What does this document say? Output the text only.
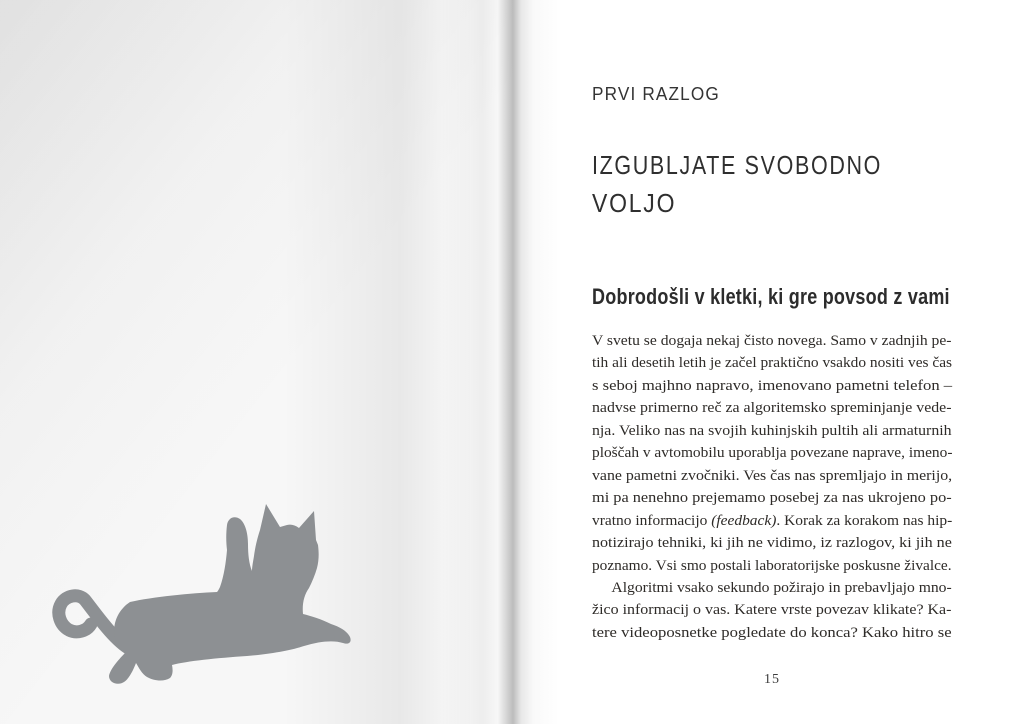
PRVI RAZLOG
IZGUBLJATE SVOBODNO
VOLJO
Dobrodošli v kletki, ki gre povsod z vami
V svetu se dogaja nekaj čisto novega. Samo v zadnjih pe-
tih ali desetih letih je začel praktično vsakdo nositi ves čas
s seboj majhno napravo, imenovano pametni telefon –
nadvse primerno reč za algoritemsko spreminjanje vede-
nja. Veliko nas na svojih kuhinjskih pultih ali armaturnih
ploščah v avtomobilu uporablja povezane naprave, imeno-
vane pametni zvočniki. Ves čas nas spremljajo in merijo,
mi pa nenehno prejemamo posebej za nas ukrojeno po-
vratno informacijo (feedback). Korak za korakom nas hip-
notizirajo tehniki, ki jih ne vidimo, iz razlogov, ki jih ne
poznamo. Vsi smo postali laboratorijske poskusne živalce.
Algoritmi vsako sekundo požirajo in prebavljajo mno-
žico informacij o vas. Katere vrste povezav klikate? Ka-
tere videoposnetke pogledate do konca? Kako hitro se
15
